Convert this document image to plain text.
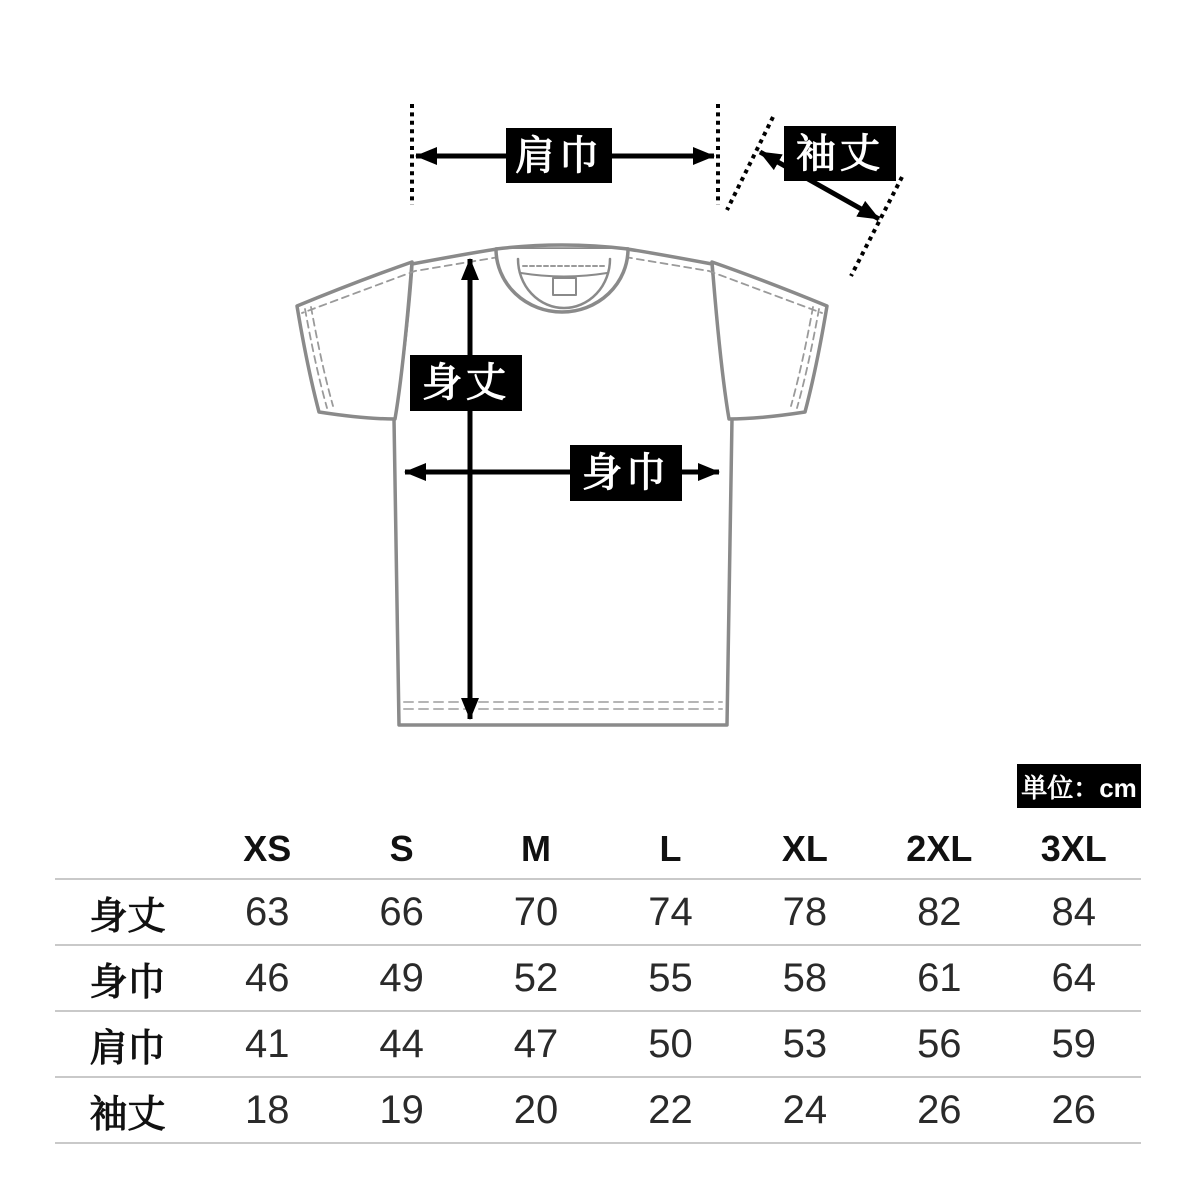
肩巾	袖丈
身丈
身巾
単位：cm
XS	S	M	L	XL	2XL	3XL
身丈	63	66	70	74	78	82	84
身巾	46	49	52	55	58	61	64
肩巾	41	44	47	50	53	56	59
袖丈	18	19	20	22	24	26	26
